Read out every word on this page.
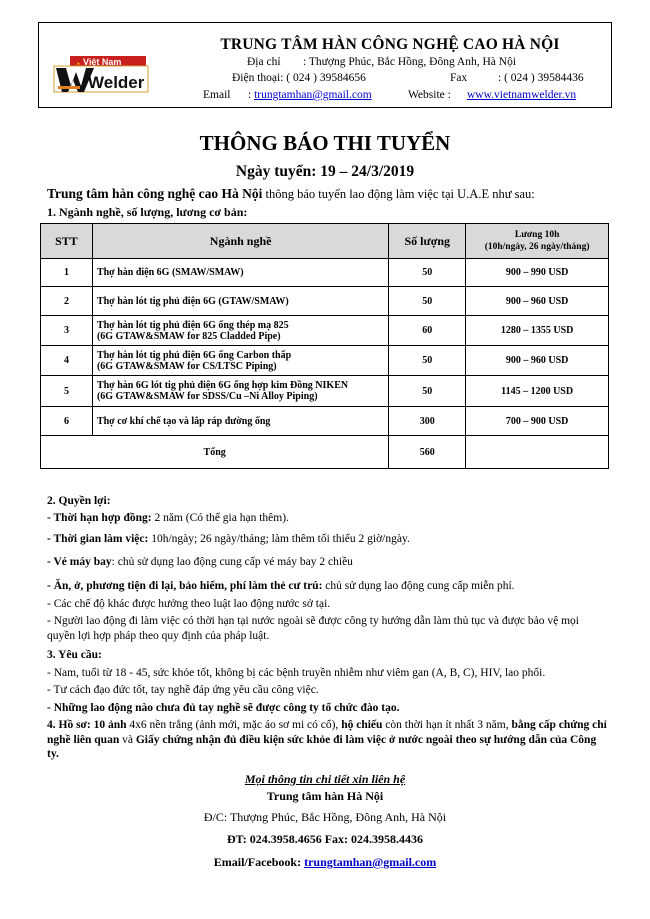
Việt Nam
Welder
TRUNG TÂM HÀN CÔNG NGHỆ CAO HÀ NỘI
Địa chỉ : Thượng Phúc, Bắc Hồng, Đông Anh, Hà Nội
Điện thoại: ( 024 ) 39584656	Fax	: ( 024 ) 39584436
Email : trungtamhan@gmail.com	Website : www.vietnamwelder.vn
THÔNG BÁO THI TUYỂN
Ngày tuyển: 19 – 24/3/2019
Trung tâm hàn công nghệ cao Hà Nội thông báo tuyển lao động làm việc tại U.A.E như sau:
1. Ngành nghề, số lượng, lương cơ bản:
STT	Ngành nghề	Số lượng	Lương 10h
(10h/ngày, 26 ngày/tháng)
1	Thợ hàn điện 6G (SMAW/SMAW)	50	900 – 990 USD
2	Thợ hàn lót tig phủ điện 6G (GTAW/SMAW)	50	900 – 960 USD
3	Thợ hàn lót tig phủ điện 6G ống thép mạ 825
(6G GTAW&SMAW for 825 Cladded Pipe)	60	1280 – 1355 USD
4	Thợ hàn lót tig phủ điện 6G ống Carbon thấp
(6G GTAW&SMAW for CS/LTSC Piping)	50	900 – 960 USD
5	Thợ hàn 6G lót tig phủ điện 6G ống hợp kim Đồng NIKEN
(6G GTAW&SMAW for SDSS/Cu –Ni Alloy Piping)	50	1145 – 1200 USD
6	Thợ cơ khí chế tạo và lắp ráp đường ống	300	700 – 900 USD
Tổng		560	
2. Quyền lợi:
- Thời hạn hợp đồng: 2 năm (Có thể gia hạn thêm).
- Thời gian làm việc: 10h/ngày; 26 ngày/tháng; làm thêm tối thiểu 2 giờ/ngày.
- Vé máy bay: chủ sử dụng lao động cung cấp vé máy bay 2 chiều
- Ăn, ở, phương tiện đi lại, bảo hiểm, phí làm thẻ cư trú: chủ sử dụng lao động cung cấp miễn phí.
- Các chế độ khác được hưởng theo luật lao động nước sở tại.
- Người lao động đi làm việc có thời hạn tại nước ngoài sẽ được công ty hướng dẫn làm thủ tục và được bảo vệ mọi quyền lợi hợp pháp theo quy định của pháp luật.
3. Yêu cầu:
- Nam, tuổi từ 18 - 45, sức khỏe tốt, không bị các bệnh truyền nhiễm như viêm gan (A, B, C), HIV, lao phổi.
- Tư cách đạo đức tốt, tay nghề đáp ứng yêu cầu công việc.
- Những lao động nào chưa đủ tay nghề sẽ được công ty tổ chức đào tạo.
4. Hồ sơ: 10 ảnh 4x6 nền trắng (ảnh mới, mặc áo sơ mi có cổ), hộ chiếu còn thời hạn ít nhất 3 năm, bằng cấp chứng chỉ nghề liên quan và Giấy chứng nhận đủ điều kiện sức khỏe đi làm việc ở nước ngoài theo sự hướng dẫn của Công ty.
Mọi thông tin chi tiết xin liên hệ
Trung tâm hàn Hà Nội
Đ/C: Thượng Phúc, Bắc Hồng, Đông Anh, Hà Nội
ĐT: 024.3958.4656 Fax: 024.3958.4436
Email/Facebook: trungtamhan@gmail.com
